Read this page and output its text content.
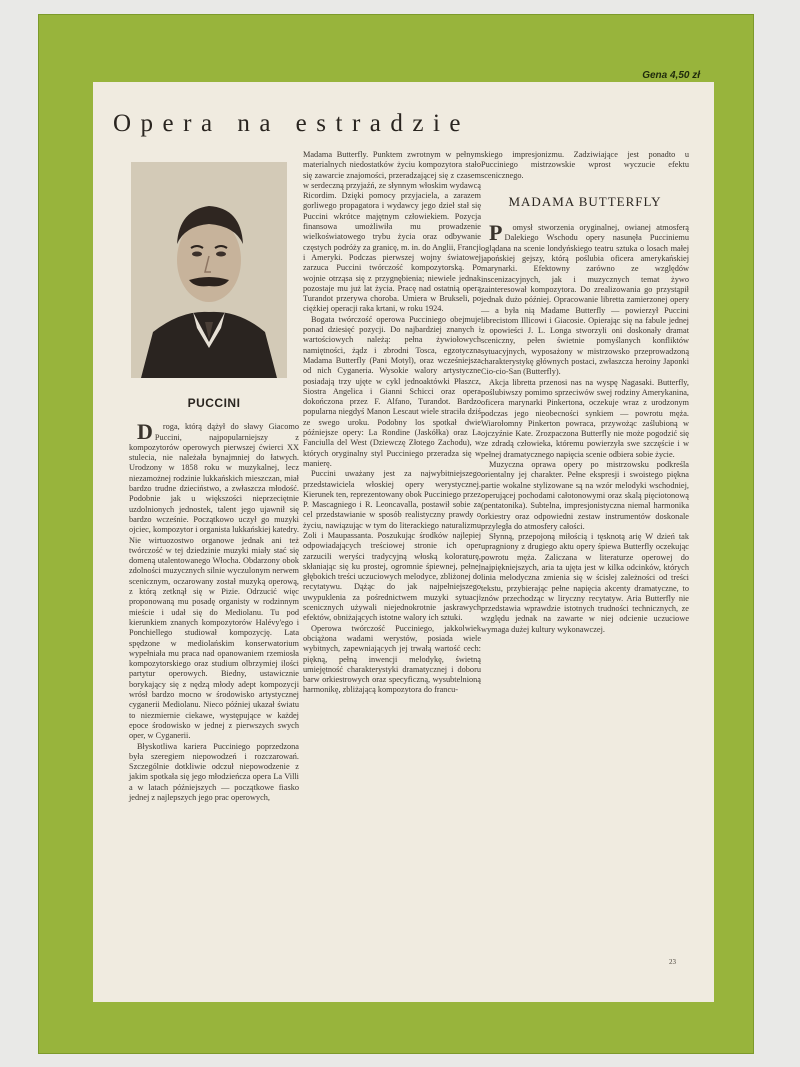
Gena 4,50 zł
Opera na estradzie
PUCCINI

Droga, którą dążył do sławy Giacomo Puccini, najpopularniejszy z kompozytorów operowych pierwszej ćwierci XX stulecia, nie należała bynajmniej do łatwych. Urodzony w 1858 roku w muzykalnej, lecz niezamożnej rodzinie lukkańskich mieszczan, miał bardzo trudne dzieciństwo, a zwłaszcza młodość. Podobnie jak u większości nieprzeciętnie uzdolnionych jednostek, talent jego ujawnił się bardzo wcześnie. Początkowo uczył go muzyki ojciec, kompozytor i organista lukkańskiej katedry. Nie wirtuozostwo organowe jednak ani też twórczość w tej dziedzinie muzyki miały stać się domeną utalentowanego Włocha. Obdarzony obok zdolności muzycznych silnie wyczulonym nerwem scenicznym, oczarowany został muzyką operową, z którą zetknął się w Pizie. Odrzucić więc proponowaną mu posadę organisty w rodzinnym mieście i udał się do Mediolanu. Tu pod kierunkiem znanych kompozytorów Halévy'ego i Ponchiellego studiował kompozycję. Lata spędzone w mediolańskim konserwatorium wypełniała mu praca nad opanowaniem rzemiosła kompozytorskiego oraz studium olbrzymiej ilości partytur operowych. Biedny, ustawicznie borykający się z nędzą młody adept kompozycji wrósł bardzo mocno w środowisko artystycznej cyganerii Mediolanu. Nieco później ukazał światu to niezmiernie ciekawe, występujące w każdej epoce środowisko w jednej z pierwszych swych oper, w Cyganerii.

Błyskotliwa kariera Pucciniego poprzedzona była szeregiem niepowodzeń i rozczarowań. Szczególnie dotkliwie odczuł niepowodzenie z jakim spotkała się jego młodzieńcza opera La Villi a w latach późniejszych — początkowe fiasko jednej z najlepszych jego prac operowych,

Madama Butterfly. Punktem zwrotnym w pełnym materialnych niedostatków życiu kompozytora stało się zawarcie znajomości, przeradzającej się z czasem w serdeczną przyjaźń, ze słynnym włoskim wydawcą Ricordim. Dzięki pomocy przyjaciela, a zarazem gorliwego propagatora i wydawcy jego dzieł stał się Puccini wkrótce majętnym człowiekiem. Pozycja finansowa umożliwiła mu prowadzenie wielkoświatowego trybu życia oraz odbywanie częstych podróży za granicę, m. in. do Anglii, Francji i Ameryki. Podczas pierwszej wojny światowej zarzuca Puccini twórczość kompozytorską. Po wojnie otrząsa się z przygnębienia; niewiele jednak pozostaje mu już lat życia. Pracę nad ostatnią operą Turandot przerywa choroba. Umiera w Brukseli, po ciężkiej operacji raka krtani, w roku 1924.

Bogata twórczość operowa Pucciniego obejmuje ponad dziesięć pozycji. Do najbardziej znanych i wartościowych należą: pełna żywiołowych namiętności, żądz i zbrodni Tosca, egzotyczna Madama Butterfly (Pani Motyl), oraz wcześniejsza od nich Cyganeria. Wysokie walory artystyczne posiadają trzy ujęte w cykl jednoaktówki Płaszcz, Siostra Angelica i Gianni Schicci oraz opera dokończona przez F. Alfano, Turandot. Bardzo popularna niegdyś Manon Lescaut wiele straciła dziś ze swego uroku. Podobny los spotkał dwie późniejsze opery: La Rondine (Jaskółka) oraz La Fanciulla del West (Dziewczę Złotego Zachodu), w których oryginalny styl Pucciniego przeradza się w manierę.

Puccini uważany jest za najwybitniejszego przedstawiciela włoskiej opery werystycznej. Kierunek ten, reprezentowany obok Pucciniego przez P. Mascagniego i R. Leoncavalla, postawił sobie za cel przedstawianie w sposób realistyczny prawdy o życiu, nawiązując w tym do literackiego naturalizmu Zoli i Maupassanta. Poszukując środków najlepiej odpowiadających treściowej stronie ich oper zarzucili weryści tradycyjną włoską koloraturę, skłaniając się ku prostej, ogromnie śpiewnej, pełnej głębokich treści uczuciowych melodyce, zbliżonej do recytatywu. Dążąc do jak najpełniejszego uwypuklenia za pośrednictwem muzyki sytuacji scenicznych używali niejednokrotnie jaskrawych efektów, obniżających istotne walory ich sztuki.

Operowa twórczość Pucciniego, jakkolwiek obciążona wadami werystów, posiada wiele wybitnych, zapewniających jej trwałą wartość cech: piękną, pełną inwencji melodykę, świetną umiejętność charakterystyki dramatycznej i doboru barw orkiestrowych oraz specyficzną, wysubtelnioną harmonikę, zbliżającą kompozytora do francu-

skiego impresjonizmu. Zadziwiające jest ponadto u Pucciniego mistrzowskie wprost wyczucie efektu scenicznego.

MADAMA BUTTERFLY

Pomysł stworzenia oryginalnej, owianej atmosferą Dalekiego Wschodu opery nasunęła Pucciniemu oglądana na scenie londyńskiego teatru sztuka o losach małej japońskiej gejszy, którą poślubia oficera amerykańskiej marynarki. Efektowny zarówno ze względów inscenizacyjnych, jak i muzycznych temat żywo zainteresował kompozytora. Do zrealizowania go przystąpił jednak dużo później. Opracowanie libretta zamierzonej opery — a była nią Madame Butterfly — powierzył Puccini librecistom Illicowi i Giacosie. Opierając się na fabule jednej z opowieści J. L. Longa stworzyli oni doskonały dramat sceniczny, pełen świetnie pomyślanych konfliktów sytuacyjnych, wyposażony w mistrzowsko przeprowadzoną charakterystykę głównych postaci, zwłaszcza heroiny Japonki Cio-cio-San (Butterfly).

Akcja libretta przenosi nas na wyspę Nagasaki. Butterfly, poślubiwszy pomimo sprzeciwów swej rodziny Amerykanina, oficera marynarki Pinkertona, oczekuje wraz z urodzonym podczas jego nieobecności synkiem — powrotu męża. Wiarołomny Pinkerton powraca, przywożąc zaślubioną w ojczyźnie Kate. Zrozpaczona Butterfly nie może pogodzić się ze zdradą człowieka, któremu powierzyła swe szczęście i w pełnej dramatycznego napięcia scenie odbiera sobie życie.

Muzyczna oprawa opery po mistrzowsku podkreśla orientalny jej charakter. Pełne ekspresji i swoistego piękna partie wokalne stylizowane są na wzór melodyki wschodniej, operującej pochodami całotonowymi oraz skalą pięciotonową (pentatonika). Subtelna, impresjonistyczna niemal harmonika orkiestry oraz odpowiedni zestaw instrumentów doskonale przyległa do atmosfery całości.

Słynną, przepojoną miłością i tęsknotą arię W dzień tak upragniony z drugiego aktu opery śpiewa Butterfly oczekując powrotu męża. Zaliczana w literaturze operowej do najpiękniejszych, aria ta ujęta jest w kilka odcinków, których linia melodyczna zmienia się w ścisłej zależności od treści tekstu, przybierając pełne napięcia akcenty dramatyczne, to znów przechodząc w liryczny recytatyw. Aria Butterfly nie przedstawia wprawdzie istotnych trudności technicznych, ze względu jednak na zawarte w niej odcienie uczuciowe wymaga dużej kultury wykonawczej.

23
